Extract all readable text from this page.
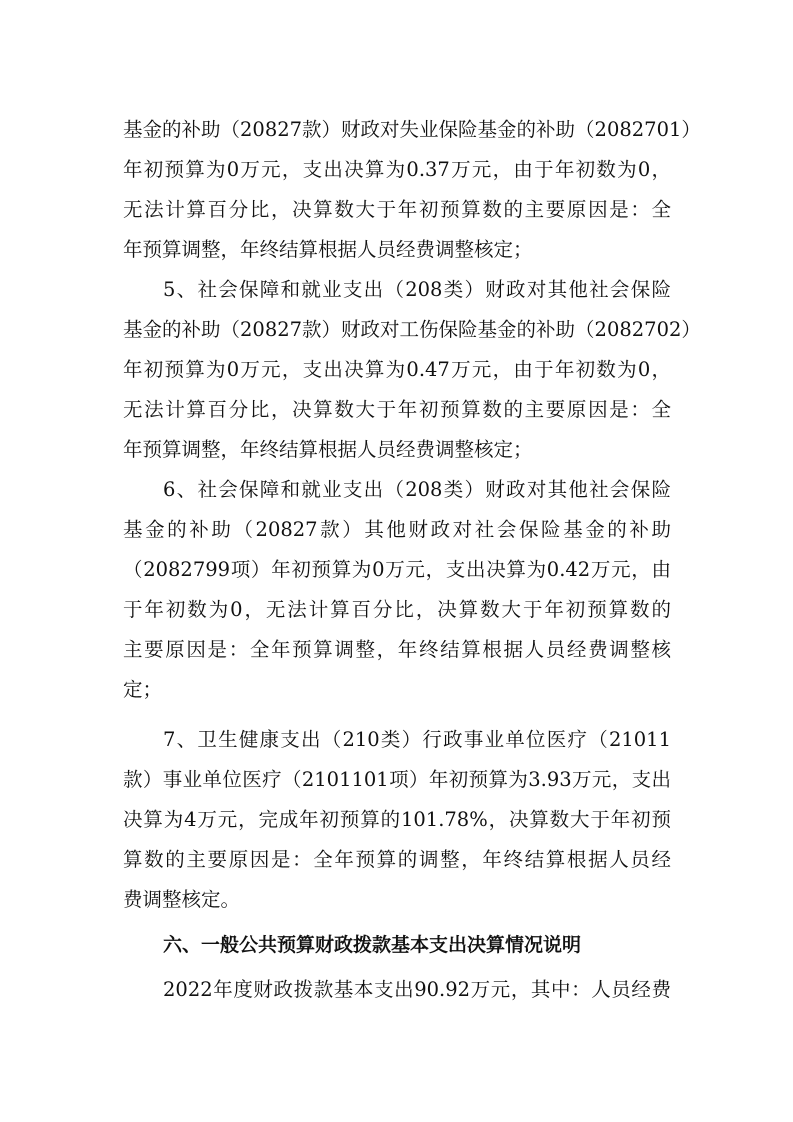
基金的补助（20827款）财政对失业保险基金的补助（2082701）
年初预算为0万元，支出决算为0.37万元，由于年初数为0，
无法计算百分比，决算数大于年初预算数的主要原因是：全
年预算调整，年终结算根据人员经费调整核定；
5、社会保障和就业支出（208类）财政对其他社会保险
基金的补助（20827款）财政对工伤保险基金的补助（2082702）
年初预算为0万元，支出决算为0.47万元，由于年初数为0，
无法计算百分比，决算数大于年初预算数的主要原因是：全
年预算调整，年终结算根据人员经费调整核定；
6、社会保障和就业支出（208类）财政对其他社会保险
基金的补助（20827款）其他财政对社会保险基金的补助
（2082799项）年初预算为0万元，支出决算为0.42万元，由
于年初数为0，无法计算百分比，决算数大于年初预算数的
主要原因是：全年预算调整，年终结算根据人员经费调整核
定；
7、卫生健康支出（210类）行政事业单位医疗（21011
款）事业单位医疗（2101101项）年初预算为3.93万元，支出
决算为4万元，完成年初预算的101.78%，决算数大于年初预
算数的主要原因是：全年预算的调整，年终结算根据人员经
费调整核定。
六、一般公共预算财政拨款基本支出决算情况说明
2022年度财政拨款基本支出90.92万元，其中：人员经费
